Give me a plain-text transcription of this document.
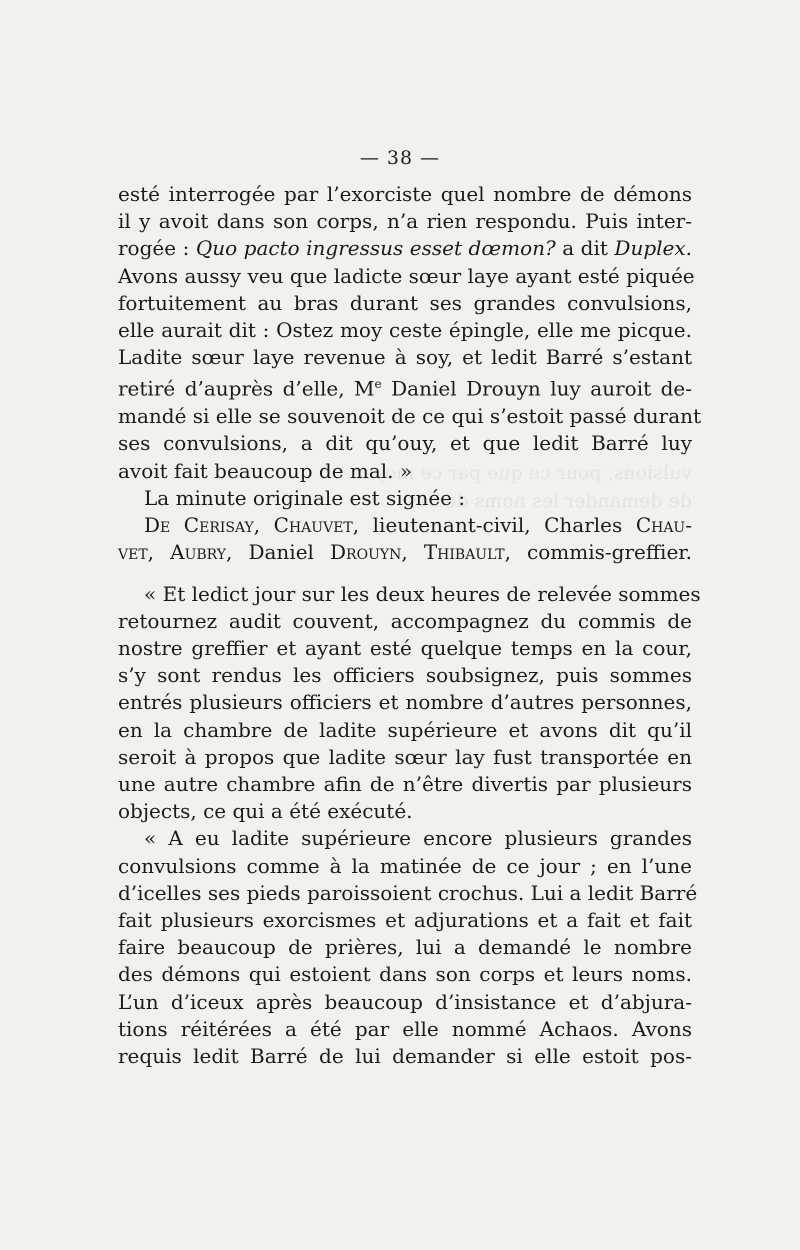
vulsions, pour ce que par ce moyen
de demander les noms de ces
— 38 —
esté interrogée par l’exorciste quel nombre de démons
il y avoit dans son corps, n’a rien respondu. Puis inter-
rogée : Quo pacto ingressus esset dœmon? a dit Duplex.
Avons aussy veu que ladicte sœur laye ayant esté piquée
fortuitement au bras durant ses grandes convulsions,
elle aurait dit : Ostez moy ceste épingle, elle me picque.
Ladite sœur laye revenue à soy, et ledit Barré s’estant
retiré d’auprès d’elle, Me Daniel Drouyn luy auroit de-
mandé si elle se souvenoit de ce qui s’estoit passé durant
ses convulsions, a dit qu’ouy, et que ledit Barré luy
avoit fait beaucoup de mal. »
La minute originale est signée :
De Cerisay, Chauvet, lieutenant-civil, Charles Chau-
vet, Aubry, Daniel Drouyn, Thibault, commis-greffier.
« Et ledict jour sur les deux heures de relevée sommes
retournez audit couvent, accompagnez du commis de
nostre greffier et ayant esté quelque temps en la cour,
s’y sont rendus les officiers soubsignez, puis sommes
entrés plusieurs officiers et nombre d’autres personnes,
en la chambre de ladite supérieure et avons dit qu’il
seroit à propos que ladite sœur lay fust transportée en
une autre chambre afin de n’être divertis par plusieurs
objects, ce qui a été exécuté.
« A eu ladite supérieure encore plusieurs grandes
convulsions comme à la matinée de ce jour ; en l’une
d’icelles ses pieds paroissoient crochus. Lui a ledit Barré
fait plusieurs exorcismes et adjurations et a fait et fait
faire beaucoup de prières, lui a demandé le nombre
des démons qui estoient dans son corps et leurs noms.
L’un d’iceux après beaucoup d’insistance et d’abjura-
tions réitérées a été par elle nommé Achaos. Avons
requis ledit Barré de lui demander si elle estoit pos-
